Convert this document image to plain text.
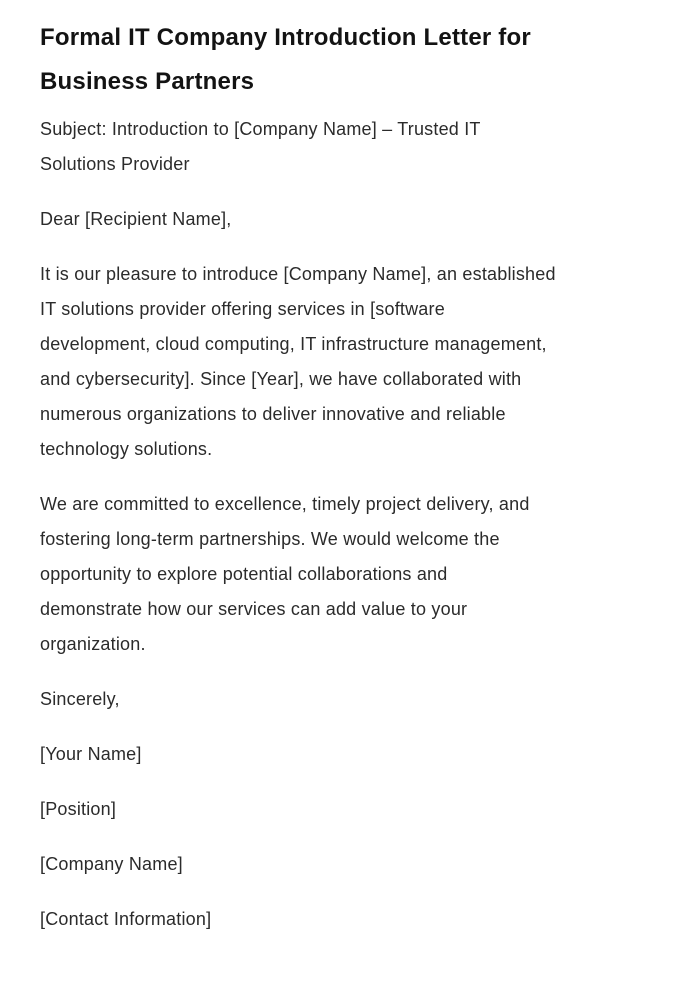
Formal IT Company Introduction Letter for
Business Partners

Subject: Introduction to [Company Name] – Trusted IT
Solutions Provider

Dear [Recipient Name],

It is our pleasure to introduce [Company Name], an established
IT solutions provider offering services in [software
development, cloud computing, IT infrastructure management,
and cybersecurity]. Since [Year], we have collaborated with
numerous organizations to deliver innovative and reliable
technology solutions.

We are committed to excellence, timely project delivery, and
fostering long-term partnerships. We would welcome the
opportunity to explore potential collaborations and
demonstrate how our services can add value to your
organization.

Sincerely,

[Your Name]

[Position]

[Company Name]

[Contact Information]
